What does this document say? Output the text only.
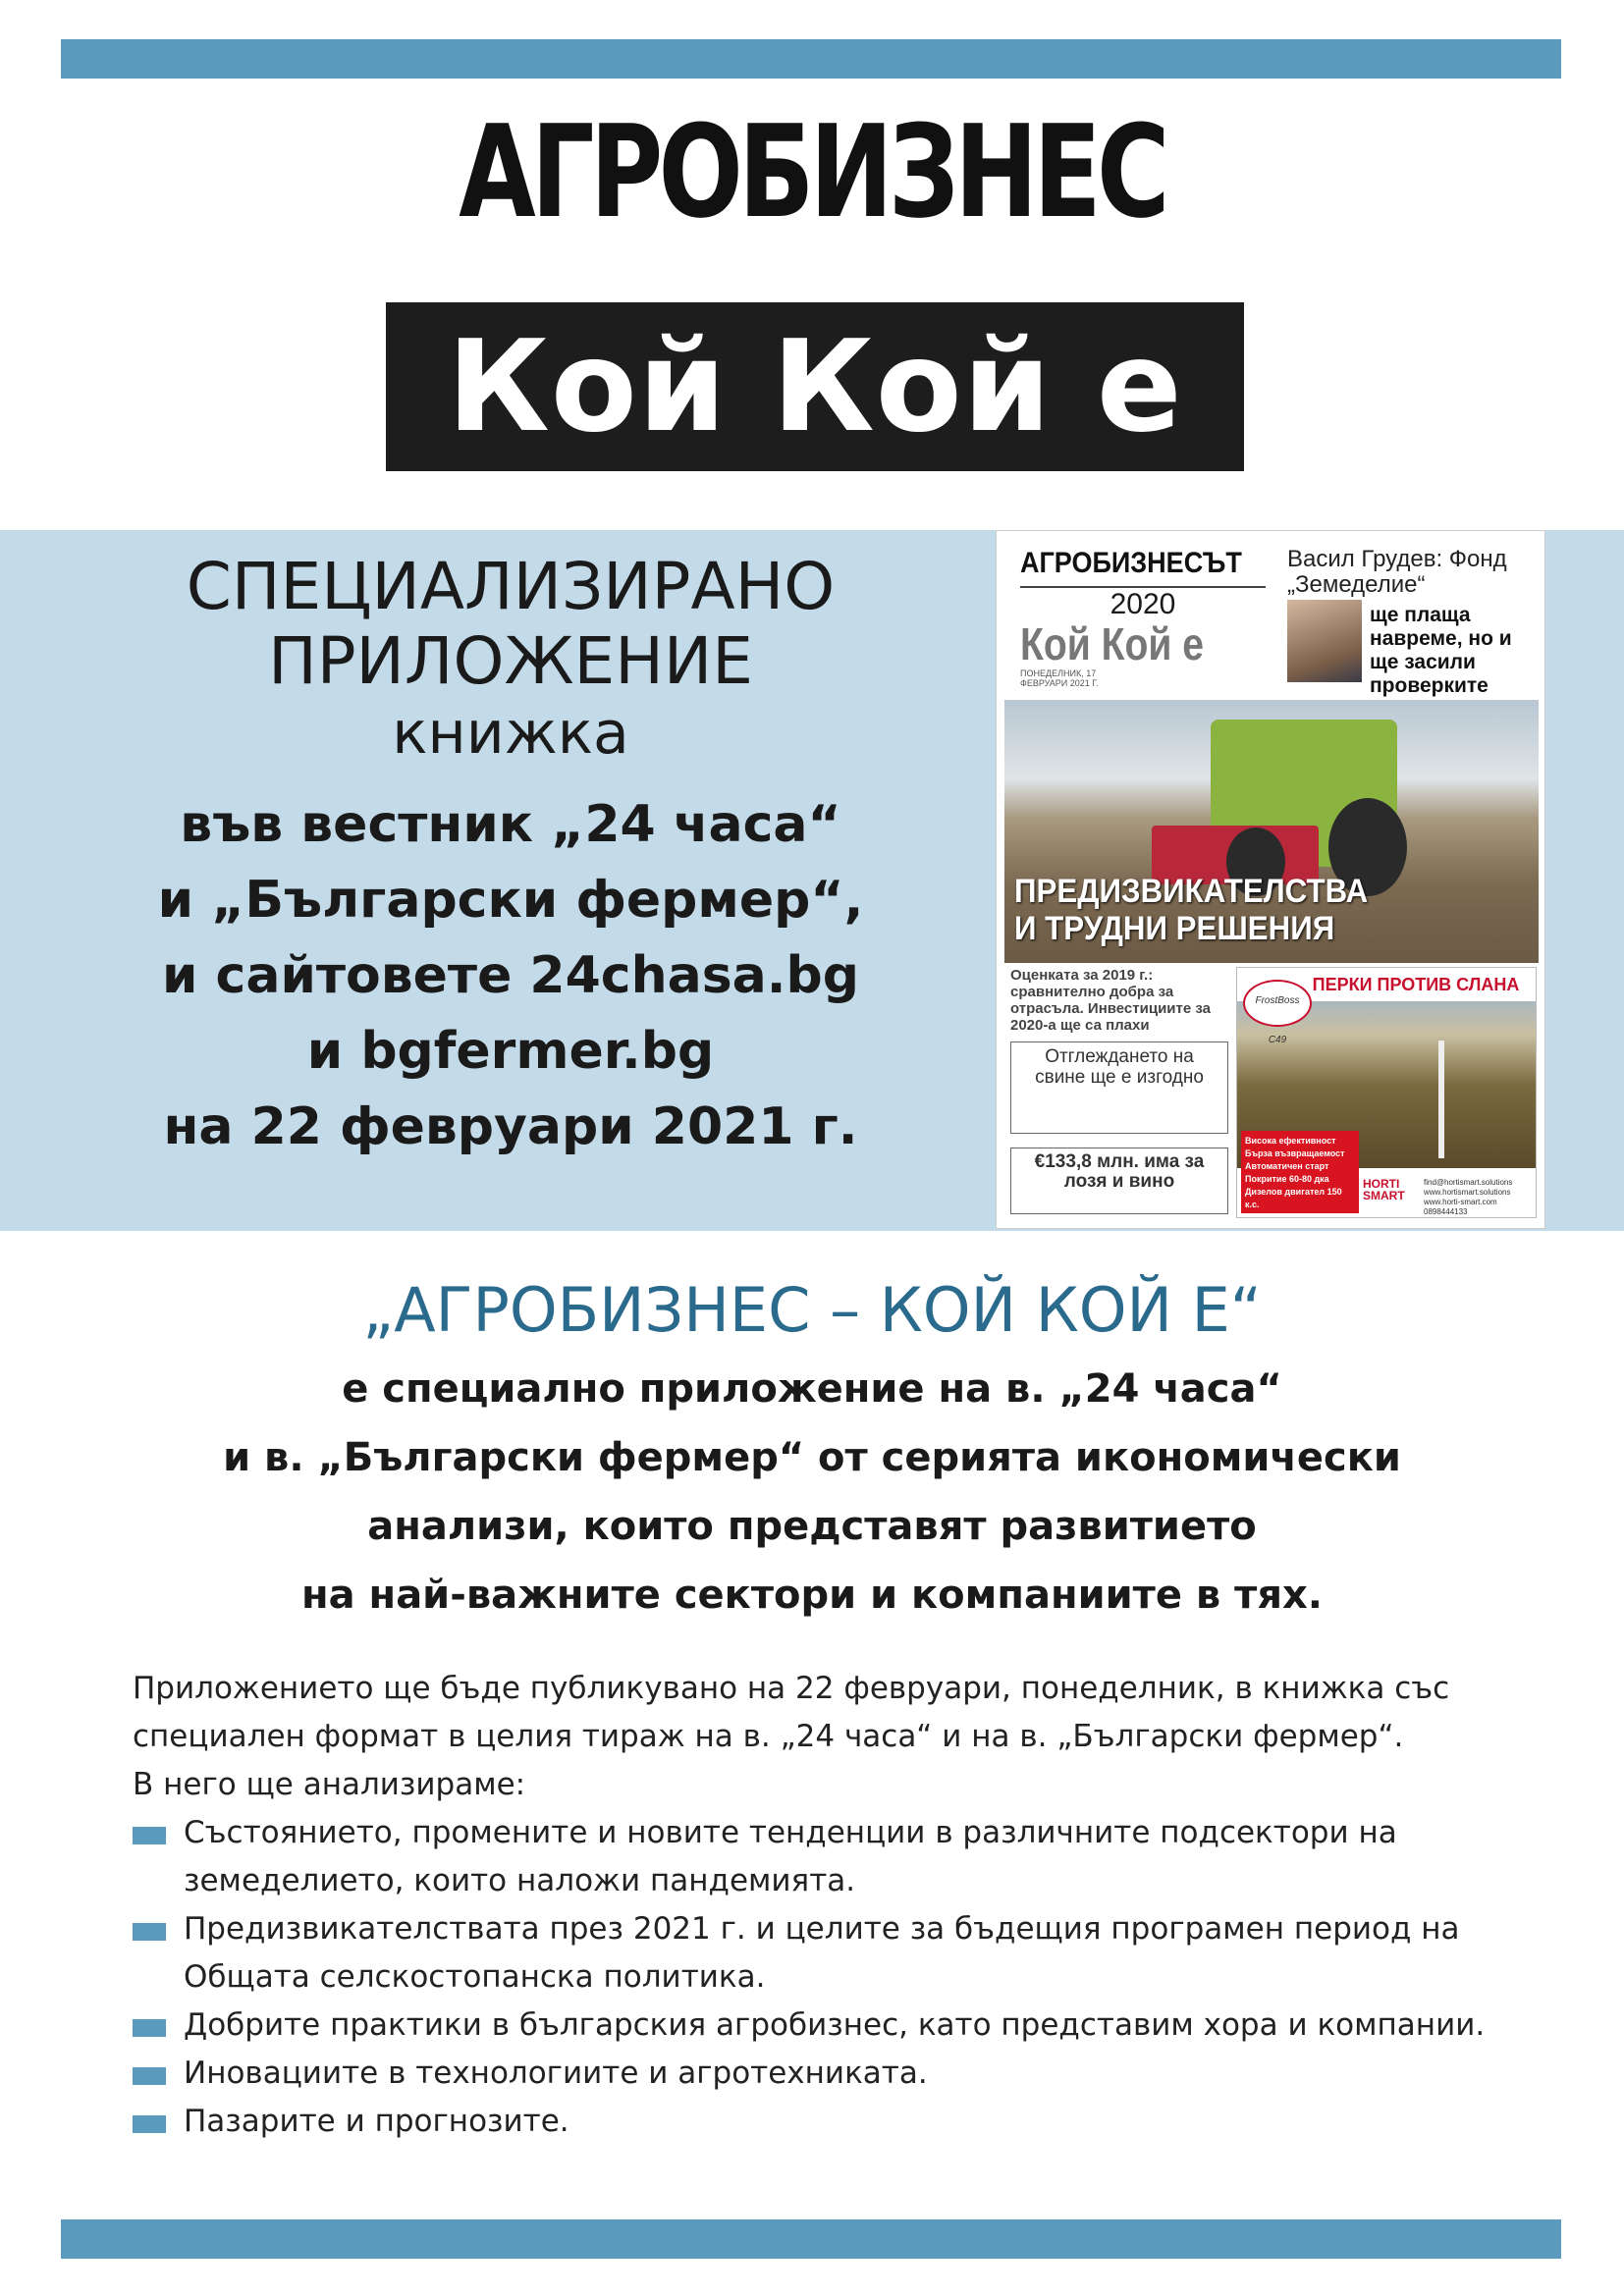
АГРОБИЗНЕС
Кой Кой е
СПЕЦИАЛИЗИРАНО
ПРИЛОЖЕНИЕ
книжка
във вестник „24 часа“
и „Български фермер“,
и сайтовете 24chasa.bg
и bgfermer.bg
на 22 февруари 2021 г.
АГРОБИЗНЕСЪТ
2020
Кой Кой е
ПОНЕДЕЛНИК, 17 ФЕВРУАРИ 2021 Г.
Васил Грудев: Фонд „Земеделие“
ще плаща навреме, но и ще засили проверките
ПРЕДИЗВИКАТЕЛСТВА
И ТРУДНИ РЕШЕНИЯ
Оценката за 2019 г.: сравнително добра за отрасъла. Инвестициите за 2020-а ще са плахи
Отглеждането на свине ще е изгодно
€133,8 млн. има за лозя и вино
ПЕРКИ ПРОТИВ СЛАНА
FrostBoss C49
Висока ефективност
Бърза възвращаемост
Автоматичен старт
Покритие 60-80 дка
Дизелов двигател 150 к.с.
HORTI SMART
find@hortismart.solutions
www.hortismart.solutions
www.horti-smart.com
0898444133
„АГРОБИЗНЕС – КОЙ КОЙ Е“
е специално приложение на в. „24 часа“
и в. „Български фермер“ от серията икономически
анализи, които представят развитието
на най-важните сектори и компаниите в тях.
Приложението ще бъде публикувано на 22 февруари, понеделник, в книжка със
специален формат в целия тираж на в. „24 часа“ и на в. „Български фермер“.
В него ще анализираме:
Състоянието, промените и новите тенденции в различните подсектори на земеделието, които наложи пандемията.
Предизвикателствата през 2021 г. и целите за бъдещия програмен период на Общата селскостопанска политика.
Добрите практики в българския агробизнес, като представим хора и компании.
Иновациите в технологиите и агротехниката.
Пазарите и прогнозите.
